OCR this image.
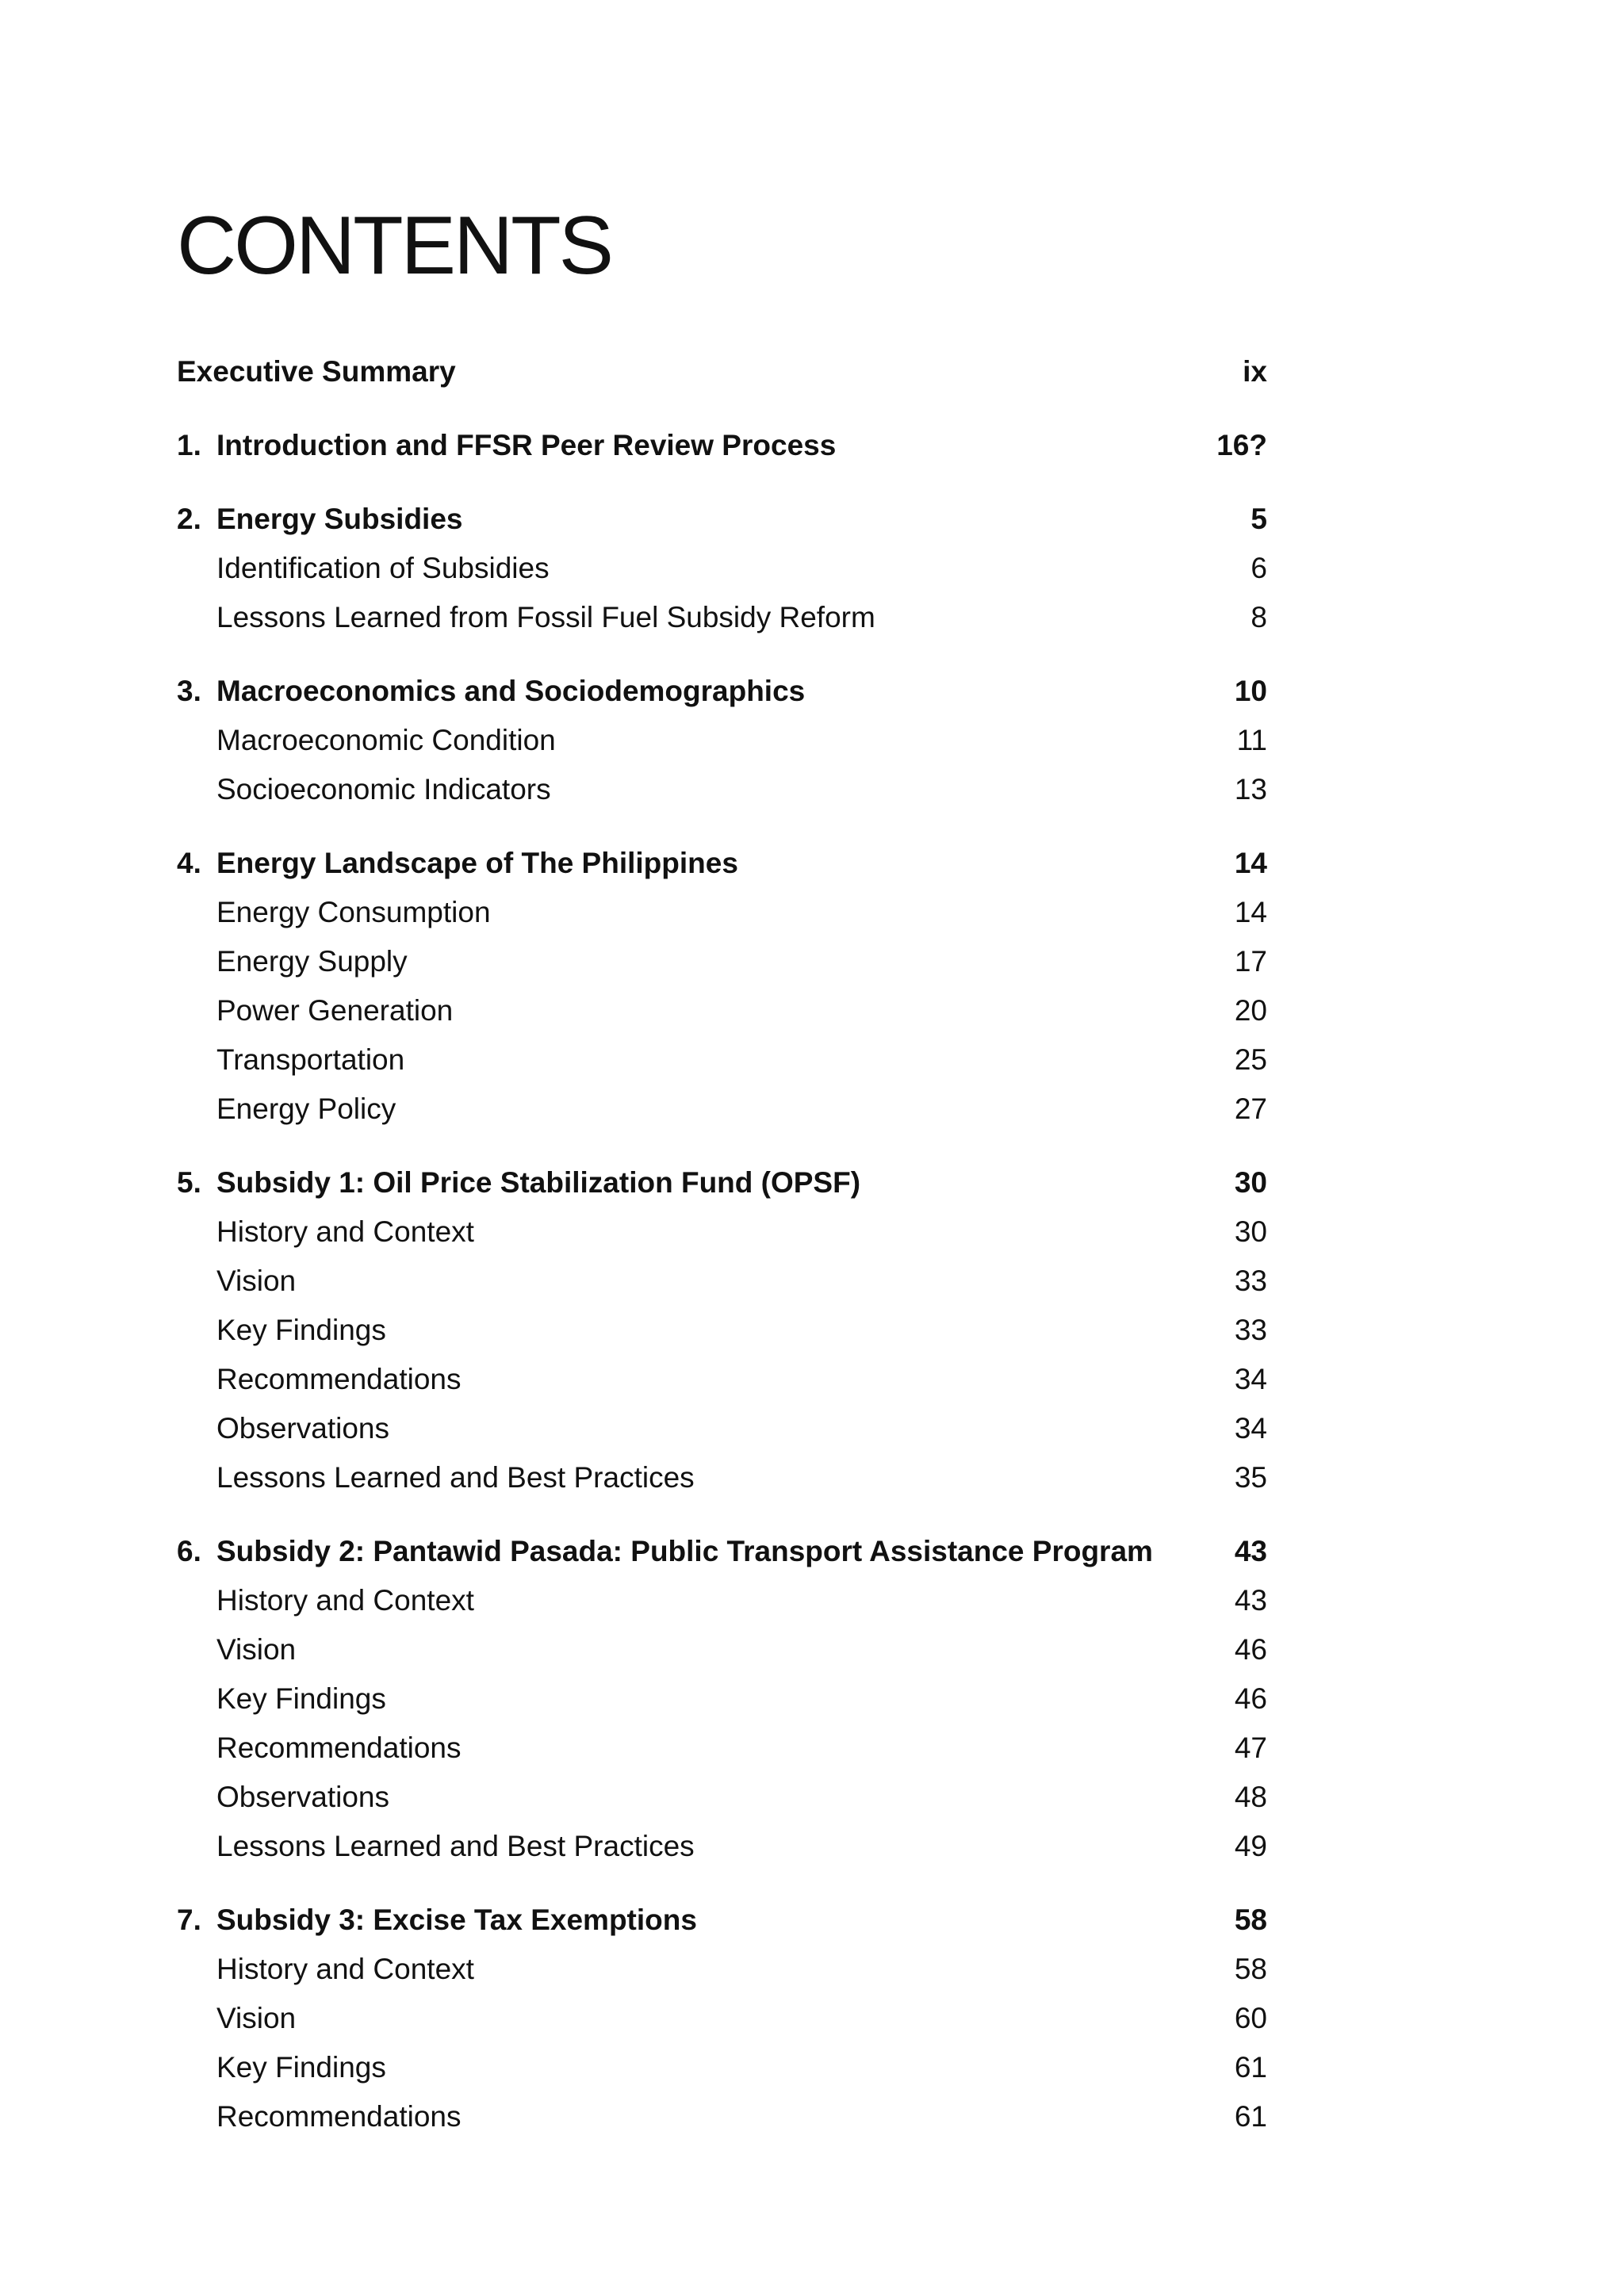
CONTENTS
Executive Summary	ix
1. Introduction and FFSR Peer Review Process	16?
2. Energy Subsidies	5
Identification of Subsidies	6
Lessons Learned from Fossil Fuel Subsidy Reform	8
3. Macroeconomics and Sociodemographics	10
Macroeconomic Condition	11
Socioeconomic Indicators	13
4. Energy Landscape of The Philippines	14
Energy Consumption	14
Energy Supply	17
Power Generation	20
Transportation	25
Energy Policy	27
5. Subsidy 1: Oil Price Stabilization Fund (OPSF)	30
History and Context	30
Vision	33
Key Findings	33
Recommendations	34
Observations	34
Lessons Learned and Best Practices	35
6. Subsidy 2: Pantawid Pasada: Public Transport Assistance Program	43
History and Context	43
Vision	46
Key Findings	46
Recommendations	47
Observations	48
Lessons Learned and Best Practices	49
7. Subsidy 3: Excise Tax Exemptions	58
History and Context	58
Vision	60
Key Findings	61
Recommendations	61
